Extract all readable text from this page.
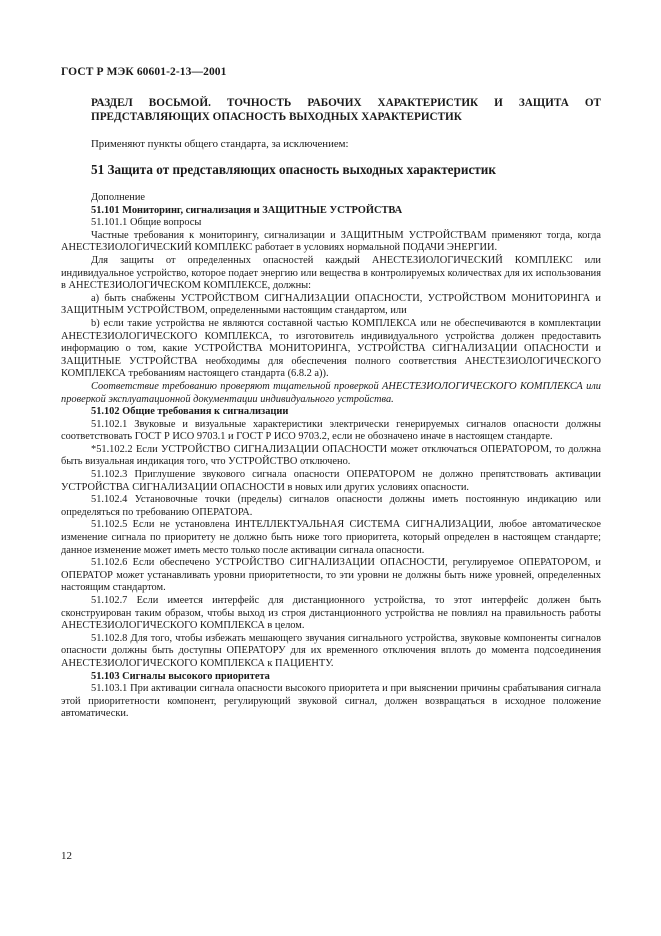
ГОСТ Р МЭК 60601-2-13—2001
РАЗДЕЛ ВОСЬМОЙ. ТОЧНОСТЬ РАБОЧИХ ХАРАКТЕРИСТИК И ЗАЩИТА ОТ ПРЕДСТАВЛЯЮЩИХ ОПАСНОСТЬ ВЫХОДНЫХ ХАРАКТЕРИСТИК
Применяют пункты общего стандарта, за исключением:
51 Защита от представляющих опасность выходных характеристик

Дополнение

51.101 Мониторинг, сигнализация и ЗАЩИТНЫЕ УСТРОЙСТВА

51.101.1 Общие вопросы

Частные требования к мониторингу, сигнализации и ЗАЩИТНЫМ УСТРОЙСТВАМ применяют тогда, когда АНЕСТЕЗИОЛОГИЧЕСКИЙ КОМПЛЕКС работает в условиях нормальной ПОДАЧИ ЭНЕРГИИ.

Для защиты от определенных опасностей каждый АНЕСТЕЗИОЛОГИЧЕСКИЙ КОМПЛЕКС или индивидуальное устройство, которое подает энергию или вещества в контролируемых количествах для их использования в АНЕСТЕЗИОЛОГИЧЕСКОМ КОМПЛЕКСЕ, должны:

а) быть снабжены УСТРОЙСТВОМ СИГНАЛИЗАЦИИ ОПАСНОСТИ, УСТРОЙСТВОМ МОНИТОРИНГА и ЗАЩИТНЫМ УСТРОЙСТВОМ, определенными настоящим стандартом, или

b) если такие устройства не являются составной частью КОМПЛЕКСА или не обеспечиваются в комплектации АНЕСТЕЗИОЛОГИЧЕСКОГО КОМПЛЕКСА, то изготовитель индивидуального устройства должен предоставить информацию о том, какие УСТРОЙСТВА МОНИТОРИНГА, УСТРОЙСТВА СИГНАЛИЗАЦИИ ОПАСНОСТИ и ЗАЩИТНЫЕ УСТРОЙСТВА необходимы для обеспечения полного соответствия АНЕСТЕЗИОЛОГИЧЕСКОГО КОМПЛЕКСА требованиям настоящего стандарта (6.8.2 а)).

Соответствие требованию проверяют тщательной проверкой АНЕСТЕЗИОЛОГИЧЕСКОГО КОМПЛЕКСА или проверкой эксплуатационной документации индивидуального устройства.

51.102 Общие требования к сигнализации

51.102.1 Звуковые и визуальные характеристики электрически генерируемых сигналов опасности должны соответствовать ГОСТ Р ИСО 9703.1 и ГОСТ Р ИСО 9703.2, если не обозначено иначе в настоящем стандарте.

*51.102.2 Если УСТРОЙСТВО СИГНАЛИЗАЦИИ ОПАСНОСТИ может отключаться ОПЕРАТОРОМ, то должна быть визуальная индикация того, что УСТРОЙСТВО отключено.

51.102.3 Приглушение звукового сигнала опасности ОПЕРАТОРОМ не должно препятствовать активации УСТРОЙСТВА СИГНАЛИЗАЦИИ ОПАСНОСТИ в новых или других условиях опасности.

51.102.4 Установочные точки (пределы) сигналов опасности должны иметь постоянную индикацию или определяться по требованию ОПЕРАТОРА.

51.102.5 Если не установлена ИНТЕЛЛЕКТУАЛЬНАЯ СИСТЕМА СИГНАЛИЗАЦИИ, любое автоматическое изменение сигнала по приоритету не должно быть ниже того приоритета, который определен в настоящем стандарте; данное изменение может иметь место только после активации сигнала опасности.

51.102.6 Если обеспечено УСТРОЙСТВО СИГНАЛИЗАЦИИ ОПАСНОСТИ, регулируемое ОПЕРАТОРОМ, и ОПЕРАТОР может устанавливать уровни приоритетности, то эти уровни не должны быть ниже уровней, определенных настоящим стандартом.

51.102.7 Если имеется интерфейс для дистанционного устройства, то этот интерфейс должен быть сконструирован таким образом, чтобы выход из строя дистанционного устройства не повлиял на правильность работы АНЕСТЕЗИОЛОГИЧЕСКОГО КОМПЛЕКСА в целом.

51.102.8 Для того, чтобы избежать мешающего звучания сигнального устройства, звуковые компоненты сигналов опасности должны быть доступны ОПЕРАТОРУ для их временного отключения вплоть до момента подсоединения АНЕСТЕЗИОЛОГИЧЕСКОГО КОМПЛЕКСА к ПАЦИЕНТУ.

51.103 Сигналы высокого приоритета

51.103.1 При активации сигнала опасности высокого приоритета и при выяснении причины срабатывания сигнала этой приоритетности компонент, регулирующий звуковой сигнал, должен возвращаться в исходное положение автоматически.

12
